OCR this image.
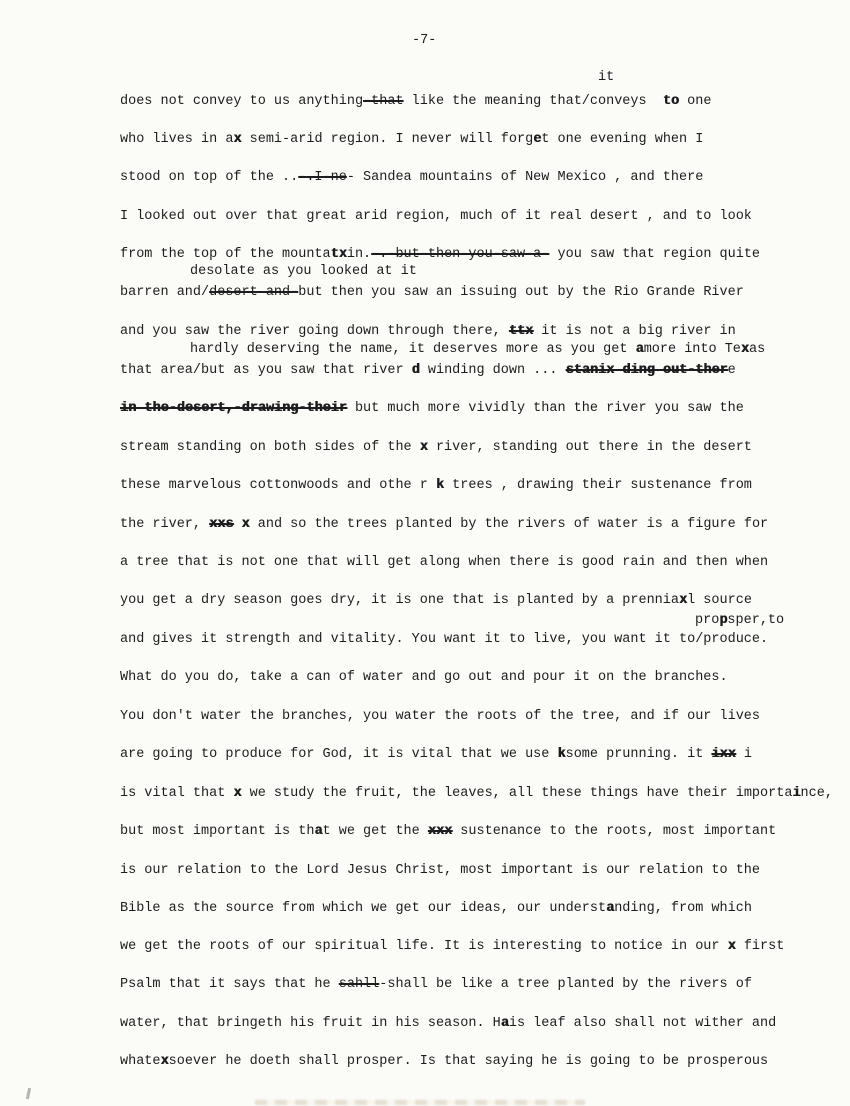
-7-
it
does not convey to us anything-that like the meaning that/conveys  to one
who lives in ax semi-arid region. I never will forget one evening when I
stood on top of the ..-.I-ne- Sandea mountains of New Mexico , and there
I looked out over that great arid region, much of it real desert , and to look
from the top of the mountatxin.-.-but-then-you-saw-a- you saw that region quite
desolate as you looked at it
barren and/desert and-but then you saw an issuing out by the Rio Grande River
and you saw the river going down through there, ttx it is not a big river in
hardly deserving the name, it deserves more as you get amore into Texas
that area/but as you saw that river d winding down ... stanix ding out-there
in the-desert,-drawing-their but much more vividly than the river you saw the
stream standing on both sides of the x river, standing out there in the desert
these marvelous cottonwoods and othe r k trees , drawing their sustenance from
the river, xxs x and so the trees planted by the rivers of water is a figure for
a tree that is not one that will get along when there is good rain and then when
you get a dry season goes dry, it is one that is planted by a prenniaxl source
propsper,to
and gives it strength and vitality. You want it to live, you want it to/produce.
What do you do, take a can of water and go out and pour it on the branches.
You don't water the branches, you water the roots of the tree, and if our lives
are going to produce for God, it is vital that we use ksome prunning. it ixx i
is vital that x we study the fruit, the leaves, all these things have their importaince,
but most important is that we get the xxx sustenance to the roots, most important
is our relation to the Lord Jesus Christ, most important is our relation to the
Bible as the source from which we get our ideas, our understanding, from which
we get the roots of our spiritual life. It is interesting to notice in our x first
Psalm that it says that he sahll-shall be like a tree planted by the rivers of
water, that bringeth his fruit in his season. Hais leaf also shall not wither and
whatexsoever he doeth shall prosper. Is that saying he is going to be prosperous
